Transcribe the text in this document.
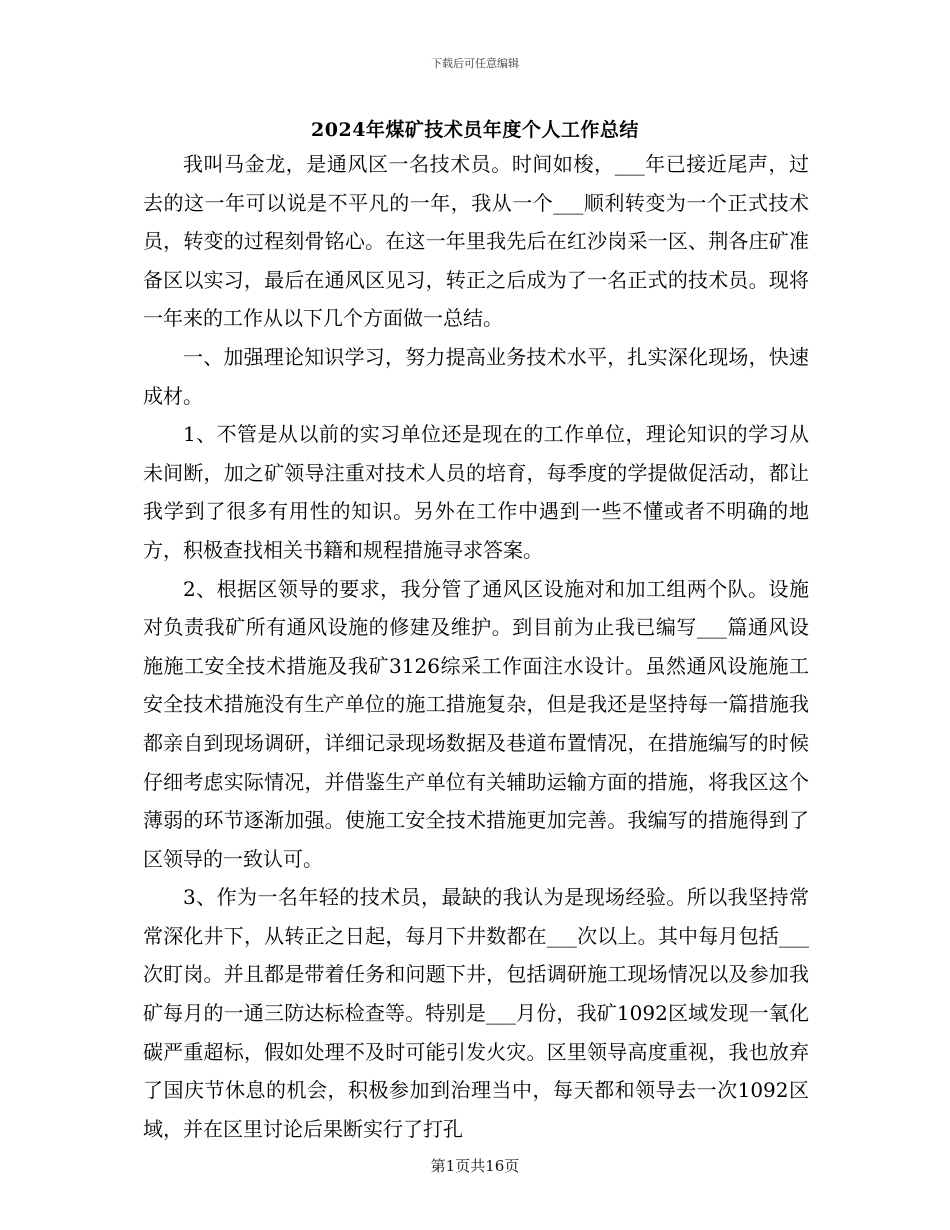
下载后可任意编辑
2024年煤矿技术员年度个人工作总结

我叫马金龙，是通风区一名技术员。时间如梭，___年已接近尾声，过去的这一年可以说是不平凡的一年，我从一个___顺利转变为一个正式技术员，转变的过程刻骨铭心。在这一年里我先后在红沙岗采一区、荆各庄矿准备区以实习，最后在通风区见习，转正之后成为了一名正式的技术员。现将一年来的工作从以下几个方面做一总结。

一、加强理论知识学习，努力提高业务技术水平，扎实深化现场，快速成材。

1、不管是从以前的实习单位还是现在的工作单位，理论知识的学习从未间断，加之矿领导注重对技术人员的培育，每季度的学提做促活动，都让我学到了很多有用性的知识。另外在工作中遇到一些不懂或者不明确的地方，积极查找相关书籍和规程措施寻求答案。

2、根据区领导的要求，我分管了通风区设施对和加工组两个队。设施对负责我矿所有通风设施的修建及维护。到目前为止我已编写___篇通风设施施工安全技术措施及我矿3126综采工作面注水设计。虽然通风设施施工安全技术措施没有生产单位的施工措施复杂，但是我还是坚持每一篇措施我都亲自到现场调研，详细记录现场数据及巷道布置情况，在措施编写的时候仔细考虑实际情况，并借鉴生产单位有关辅助运输方面的措施，将我区这个薄弱的环节逐渐加强。使施工安全技术措施更加完善。我编写的措施得到了区领导的一致认可。

3、作为一名年轻的技术员，最缺的我认为是现场经验。所以我坚持常常深化井下，从转正之日起，每月下井数都在___次以上。其中每月包括___次盯岗。并且都是带着任务和问题下井，包括调研施工现场情况以及参加我矿每月的一通三防达标检查等。特别是___月份，我矿1092区域发现一氧化碳严重超标，假如处理不及时可能引发火灾。区里领导高度重视，我也放弃了国庆节休息的机会，积极参加到治理当中，每天都和领导去一次1092区域，并在区里讨论后果断实行了打孔

第1页共16页
